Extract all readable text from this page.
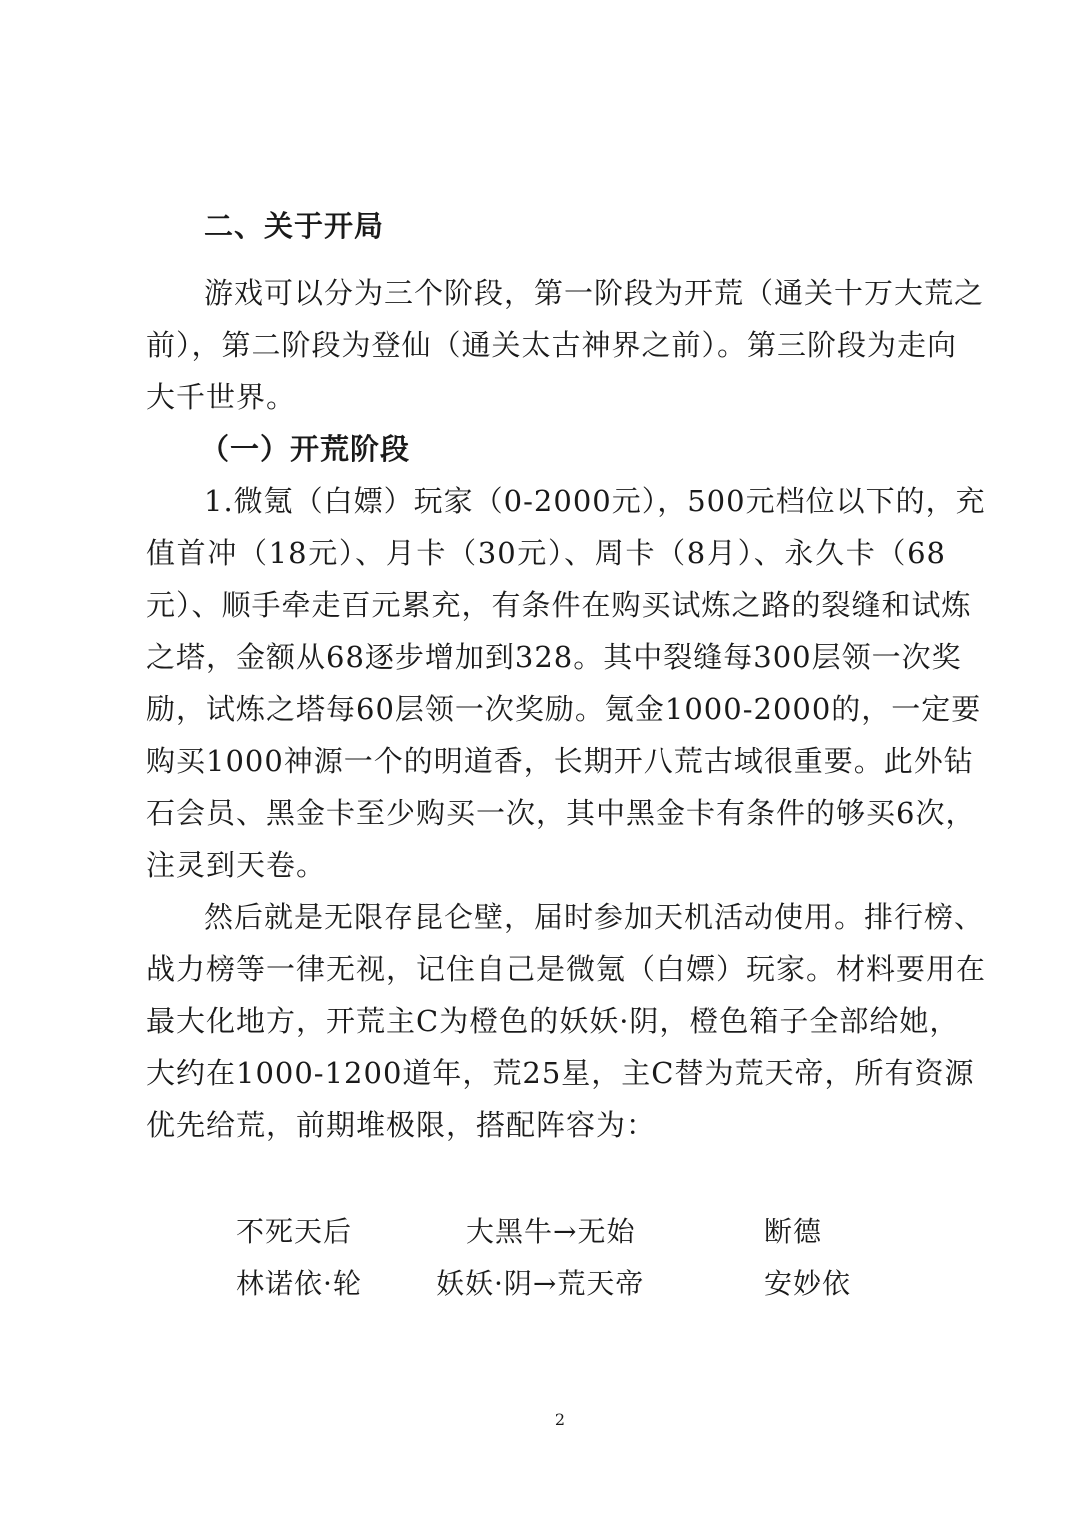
二、关于开局
游戏可以分为三个阶段，第一阶段为开荒（通关十万大荒之
前），第二阶段为登仙（通关太古神界之前）。第三阶段为走向
大千世界。
（一）开荒阶段
1.微氪（白嫖）玩家（0-2000元），500元档位以下的，充
值首冲（18元）、月卡（30元）、周卡（8月）、永久卡（68
元）、顺手牵走百元累充，有条件在购买试炼之路的裂缝和试炼
之塔，金额从68逐步增加到328。其中裂缝每300层领一次奖
励，试炼之塔每60层领一次奖励。氪金1000-2000的，一定要
购买1000神源一个的明道香，长期开八荒古域很重要。此外钻
石会员、黑金卡至少购买一次，其中黑金卡有条件的够买6次，
注灵到天卷。
然后就是无限存昆仑壁，届时参加天机活动使用。排行榜、
战力榜等一律无视，记住自己是微氪（白嫖）玩家。材料要用在
最大化地方，开荒主C为橙色的妖妖·阴，橙色箱子全部给她，
大约在1000-1200道年，荒25星，主C替为荒天帝，所有资源
优先给荒，前期堆极限，搭配阵容为：
不死天后	大黑牛→无始	断德
林诺依·轮	妖妖·阴→荒天帝	安妙依
2
